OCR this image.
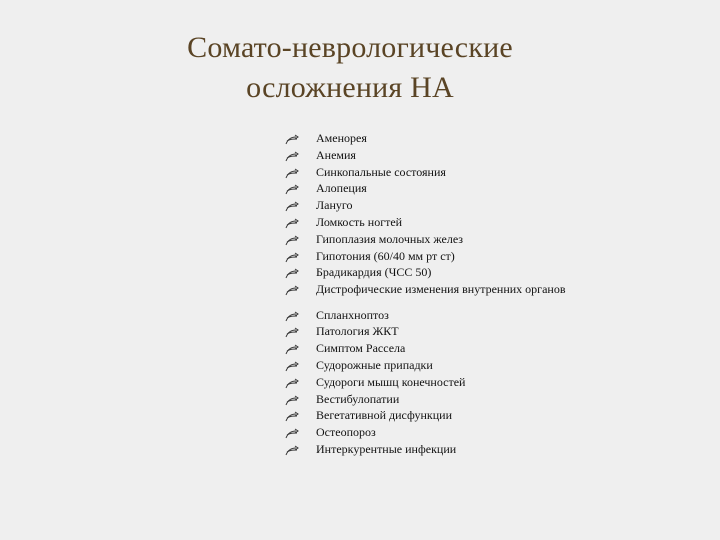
Сомато-неврологические
осложнения НА
Аменорея
Анемия
Синкопальные состояния
Алопеция
Лануго
Ломкость ногтей
Гипоплазия молочных желез
Гипотония (60/40 мм рт ст)
Брадикардия (ЧСС 50)
Дистрофические изменения внутренних органов
Спланхноптоз
Патология ЖКТ
Симптом Рассела
Судорожные припадки
Судороги мышц конечностей
Вестибулопатии
Вегетативной дисфункции
Остеопороз
Интеркурентные инфекции
